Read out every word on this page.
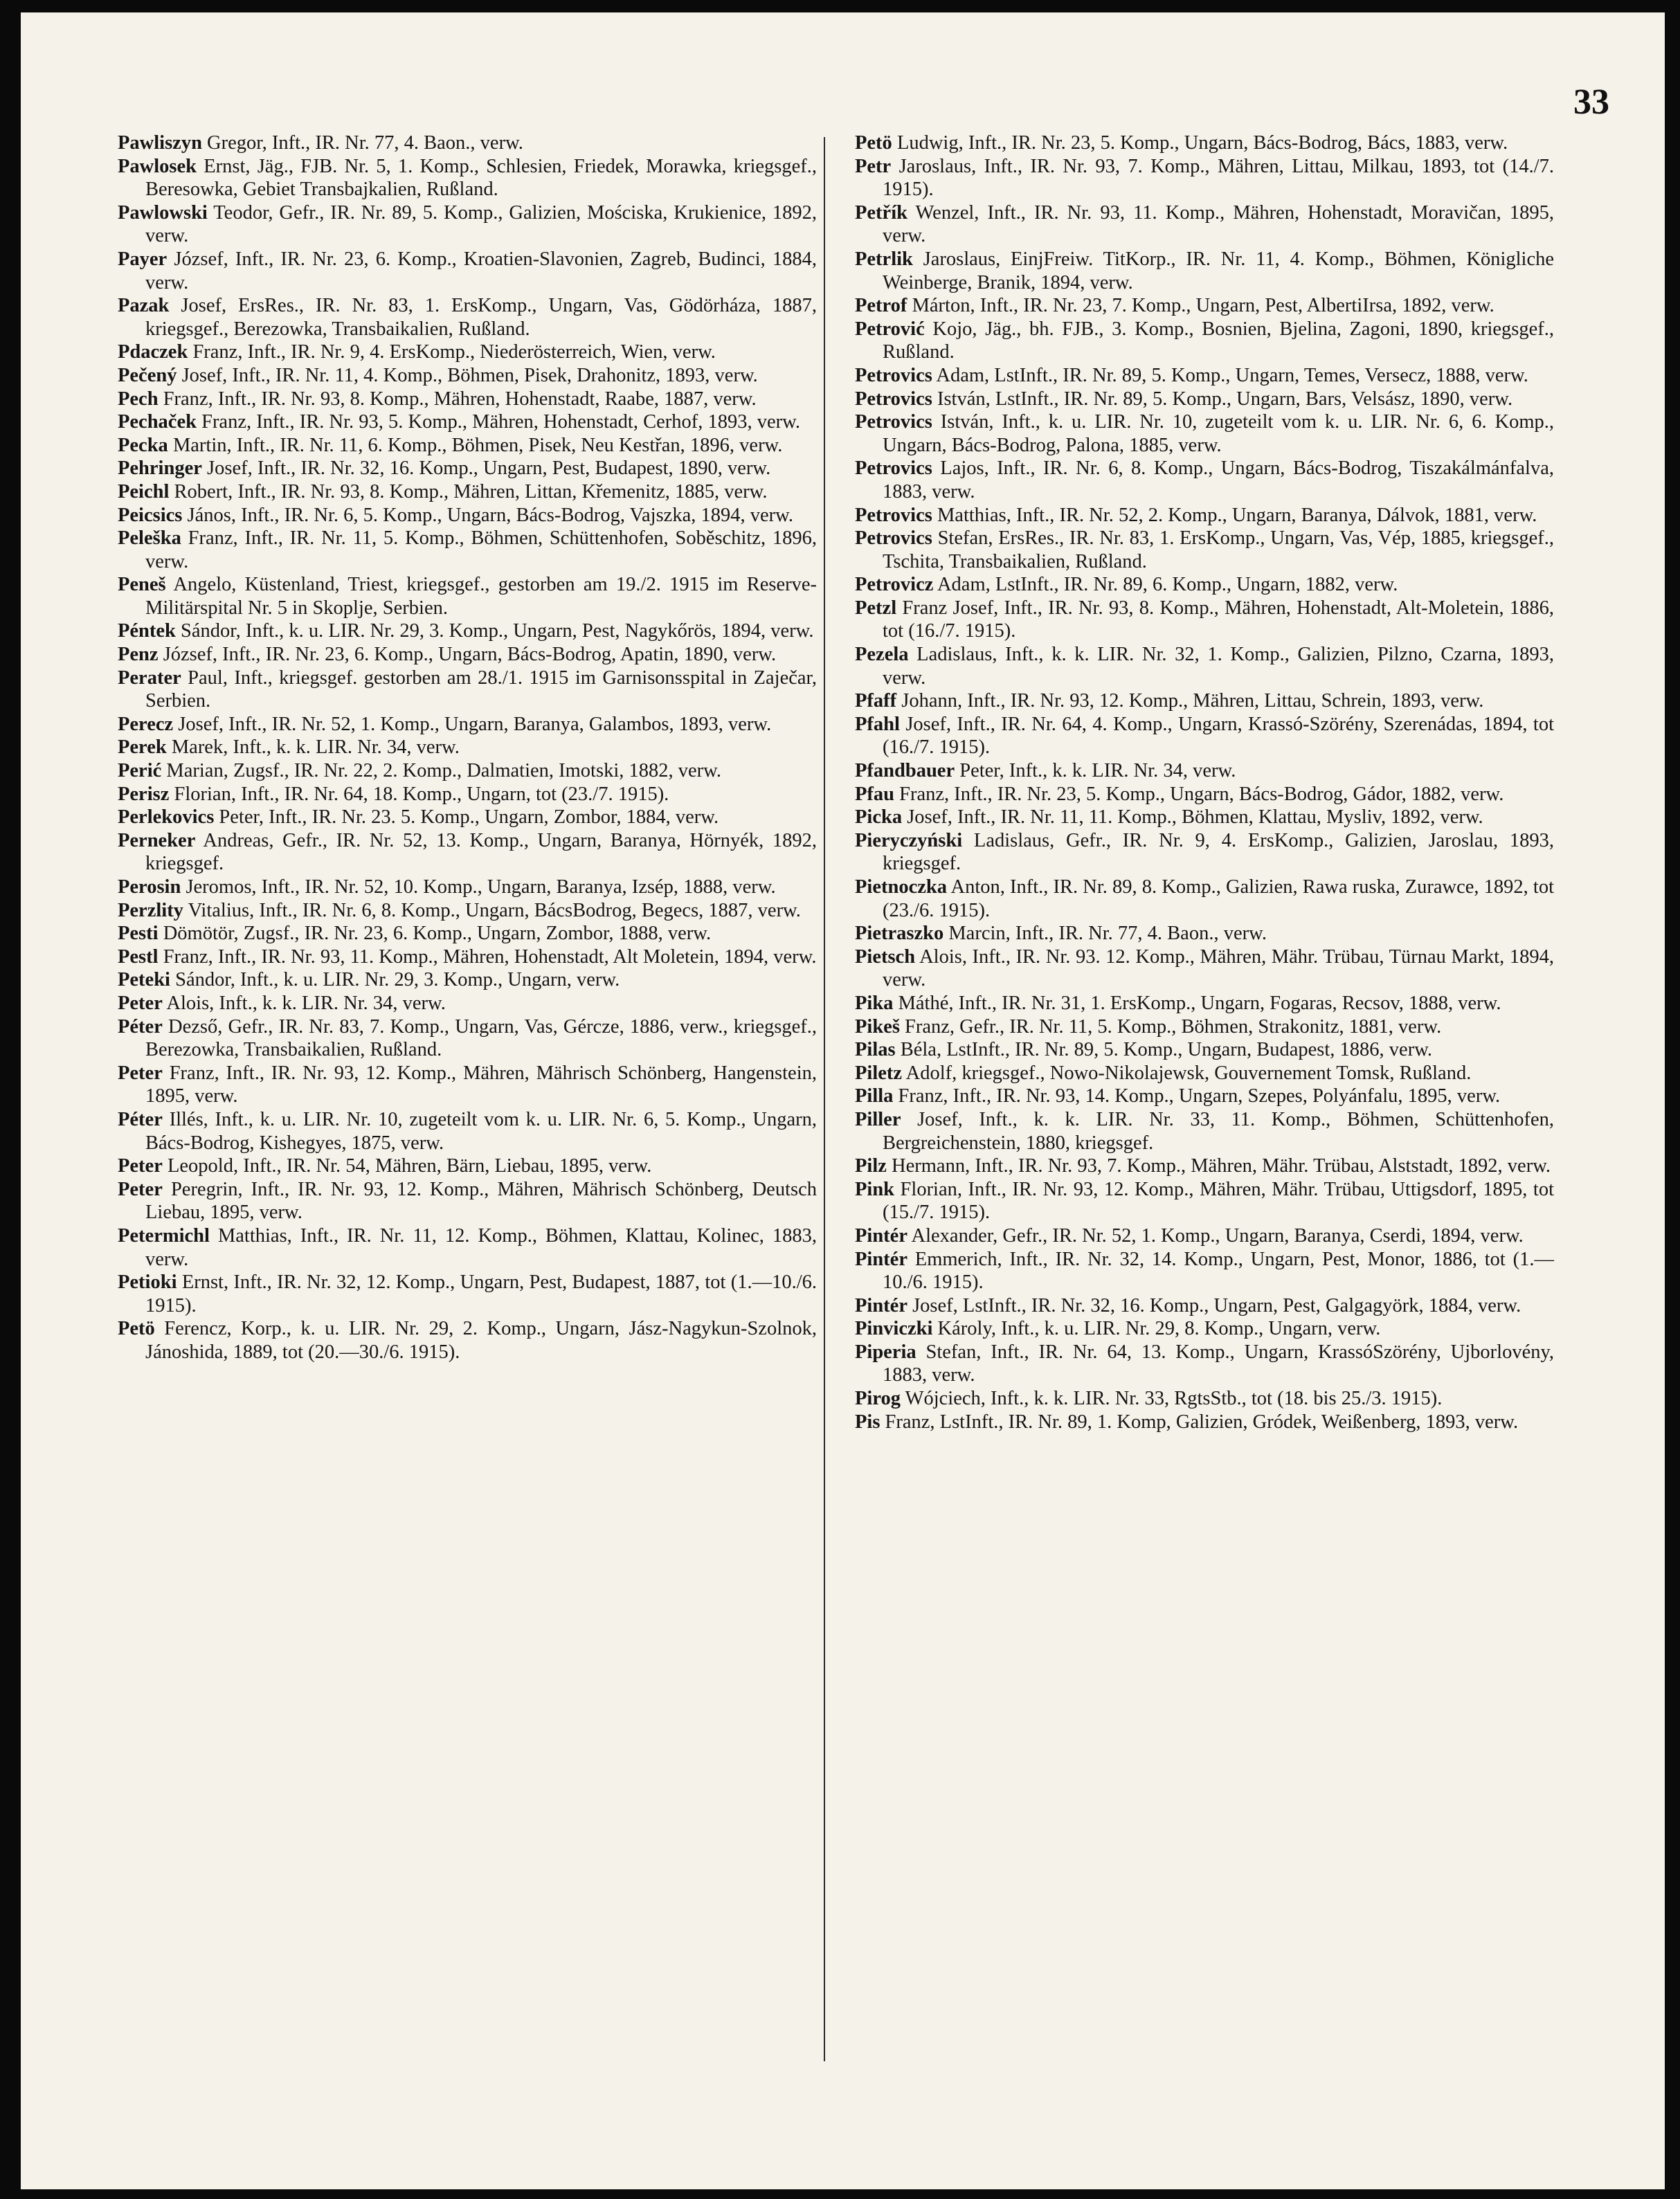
33

Pawliszyn Gregor, Inft., IR. Nr. 77, 4. Baon., verw.

Pawlosek Ernst, Jäg., FJB. Nr. 5, 1. Komp., Schlesien, Friedek, Morawka, kriegsgef., Beresowka, Gebiet Transbajkalien, Rußland.

Pawlowski Teodor, Gefr., IR. Nr. 89, 5. Komp., Galizien, Mościska, Krukienice, 1892, verw.

Payer József, Inft., IR. Nr. 23, 6. Komp., Kroatien-Slavonien, Zagreb, Budinci, 1884, verw.

Pazak Josef, ErsRes., IR. Nr. 83, 1. ErsKomp., Ungarn, Vas, Gödörháza, 1887, kriegsgef., Berezowka, Transbaikalien, Rußland.

Pdaczek Franz, Inft., IR. Nr. 9, 4. ErsKomp., Niederösterreich, Wien, verw.

Pečený Josef, Inft., IR. Nr. 11, 4. Komp., Böhmen, Pisek, Drahonitz, 1893, verw.

Pech Franz, Inft., IR. Nr. 93, 8. Komp., Mähren, Hohenstadt, Raabe, 1887, verw.

Pechaček Franz, Inft., IR. Nr. 93, 5. Komp., Mähren, Hohenstadt, Cerhof, 1893, verw.

Pecka Martin, Inft., IR. Nr. 11, 6. Komp., Böhmen, Pisek, Neu Kestřan, 1896, verw.

Pehringer Josef, Inft., IR. Nr. 32, 16. Komp., Ungarn, Pest, Budapest, 1890, verw.

Peichl Robert, Inft., IR. Nr. 93, 8. Komp., Mähren, Littan, Křemenitz, 1885, verw.

Peicsics János, Inft., IR. Nr. 6, 5. Komp., Ungarn, Bács-Bodrog, Vajszka, 1894, verw.

Peleška Franz, Inft., IR. Nr. 11, 5. Komp., Böhmen, Schüttenhofen, Soběschitz, 1896, verw.

Peneš Angelo, Küstenland, Triest, kriegsgef., gestorben am 19./2. 1915 im Reserve-Militärspital Nr. 5 in Skoplje, Serbien.

Péntek Sándor, Inft., k. u. LIR. Nr. 29, 3. Komp., Ungarn, Pest, Nagykőrös, 1894, verw.

Penz József, Inft., IR. Nr. 23, 6. Komp., Ungarn, Bács-Bodrog, Apatin, 1890, verw.

Perater Paul, Inft., kriegsgef. gestorben am 28./1. 1915 im Garnisonsspital in Zaječar, Serbien.

Perecz Josef, Inft., IR. Nr. 52, 1. Komp., Ungarn, Baranya, Galambos, 1893, verw.

Perek Marek, Inft., k. k. LIR. Nr. 34, verw.

Perić Marian, Zugsf., IR. Nr. 22, 2. Komp., Dalmatien, Imotski, 1882, verw.

Perisz Florian, Inft., IR. Nr. 64, 18. Komp., Ungarn, tot (23./7. 1915).

Perlekovics Peter, Inft., IR. Nr. 23. 5. Komp., Ungarn, Zombor, 1884, verw.

Perneker Andreas, Gefr., IR. Nr. 52, 13. Komp., Ungarn, Baranya, Hörnyék, 1892, kriegsgef.

Perosin Jeromos, Inft., IR. Nr. 52, 10. Komp., Ungarn, Baranya, Izsép, 1888, verw.

Perzlity Vitalius, Inft., IR. Nr. 6, 8. Komp., Ungarn, BácsBodrog, Begecs, 1887, verw.

Pesti Dömötör, Zugsf., IR. Nr. 23, 6. Komp., Ungarn, Zombor, 1888, verw.

Pestl Franz, Inft., IR. Nr. 93, 11. Komp., Mähren, Hohenstadt, Alt Moletein, 1894, verw.

Peteki Sándor, Inft., k. u. LIR. Nr. 29, 3. Komp., Ungarn, verw.

Peter Alois, Inft., k. k. LIR. Nr. 34, verw.

Péter Dezső, Gefr., IR. Nr. 83, 7. Komp., Ungarn, Vas, Gércze, 1886, verw., kriegsgef., Berezowka, Transbaikalien, Rußland.

Peter Franz, Inft., IR. Nr. 93, 12. Komp., Mähren, Mährisch Schönberg, Hangenstein, 1895, verw.

Péter Illés, Inft., k. u. LIR. Nr. 10, zugeteilt vom k. u. LIR. Nr. 6, 5. Komp., Ungarn, Bács-Bodrog, Kishegyes, 1875, verw.

Peter Leopold, Inft., IR. Nr. 54, Mähren, Bärn, Liebau, 1895, verw.

Peter Peregrin, Inft., IR. Nr. 93, 12. Komp., Mähren, Mährisch Schönberg, Deutsch Liebau, 1895, verw.

Petermichl Matthias, Inft., IR. Nr. 11, 12. Komp., Böhmen, Klattau, Kolinec, 1883, verw.

Petioki Ernst, Inft., IR. Nr. 32, 12. Komp., Ungarn, Pest, Budapest, 1887, tot (1.—10./6. 1915).

Petö Ferencz, Korp., k. u. LIR. Nr. 29, 2. Komp., Ungarn, Jász-Nagykun-Szolnok, Jánoshida, 1889, tot (20.—30./6. 1915).

Petö Ludwig, Inft., IR. Nr. 23, 5. Komp., Ungarn, Bács-Bodrog, Bács, 1883, verw.

Petr Jaroslaus, Inft., IR. Nr. 93, 7. Komp., Mähren, Littau, Milkau, 1893, tot (14./7. 1915).

Petřík Wenzel, Inft., IR. Nr. 93, 11. Komp., Mähren, Hohenstadt, Moravičan, 1895, verw.

Petrlik Jaroslaus, EinjFreiw. TitKorp., IR. Nr. 11, 4. Komp., Böhmen, Königliche Weinberge, Branik, 1894, verw.

Petrof Márton, Inft., IR. Nr. 23, 7. Komp., Ungarn, Pest, AlbertiIrsa, 1892, verw.

Petrović Kojo, Jäg., bh. FJB., 3. Komp., Bosnien, Bjelina, Zagoni, 1890, kriegsgef., Rußland.

Petrovics Adam, LstInft., IR. Nr. 89, 5. Komp., Ungarn, Temes, Versecz, 1888, verw.

Petrovics István, LstInft., IR. Nr. 89, 5. Komp., Ungarn, Bars, Velsász, 1890, verw.

Petrovics István, Inft., k. u. LIR. Nr. 10, zugeteilt vom k. u. LIR. Nr. 6, 6. Komp., Ungarn, Bács-Bodrog, Palona, 1885, verw.

Petrovics Lajos, Inft., IR. Nr. 6, 8. Komp., Ungarn, Bács-Bodrog, Tiszakálmánfalva, 1883, verw.

Petrovics Matthias, Inft., IR. Nr. 52, 2. Komp., Ungarn, Baranya, Dálvok, 1881, verw.

Petrovics Stefan, ErsRes., IR. Nr. 83, 1. ErsKomp., Ungarn, Vas, Vép, 1885, kriegsgef., Tschita, Transbaikalien, Rußland.

Petrovicz Adam, LstInft., IR. Nr. 89, 6. Komp., Ungarn, 1882, verw.

Petzl Franz Josef, Inft., IR. Nr. 93, 8. Komp., Mähren, Hohenstadt, Alt-Moletein, 1886, tot (16./7. 1915).

Pezela Ladislaus, Inft., k. k. LIR. Nr. 32, 1. Komp., Galizien, Pilzno, Czarna, 1893, verw.

Pfaff Johann, Inft., IR. Nr. 93, 12. Komp., Mähren, Littau, Schrein, 1893, verw.

Pfahl Josef, Inft., IR. Nr. 64, 4. Komp., Ungarn, Krassó-Szörény, Szerenádas, 1894, tot (16./7. 1915).

Pfandbauer Peter, Inft., k. k. LIR. Nr. 34, verw.

Pfau Franz, Inft., IR. Nr. 23, 5. Komp., Ungarn, Bács-Bodrog, Gádor, 1882, verw.

Picka Josef, Inft., IR. Nr. 11, 11. Komp., Böhmen, Klattau, Mysliv, 1892, verw.

Pieryczyński Ladislaus, Gefr., IR. Nr. 9, 4. ErsKomp., Galizien, Jaroslau, 1893, kriegsgef.

Pietnoczka Anton, Inft., IR. Nr. 89, 8. Komp., Galizien, Rawa ruska, Zurawce, 1892, tot (23./6. 1915).

Pietraszko Marcin, Inft., IR. Nr. 77, 4. Baon., verw.

Pietsch Alois, Inft., IR. Nr. 93. 12. Komp., Mähren, Mähr. Trübau, Türnau Markt, 1894, verw.

Pika Máthé, Inft., IR. Nr. 31, 1. ErsKomp., Ungarn, Fogaras, Recsov, 1888, verw.

Pikeš Franz, Gefr., IR. Nr. 11, 5. Komp., Böhmen, Strakonitz, 1881, verw.

Pilas Béla, LstInft., IR. Nr. 89, 5. Komp., Ungarn, Budapest, 1886, verw.

Piletz Adolf, kriegsgef., Nowo-Nikolajewsk, Gouvernement Tomsk, Rußland.

Pilla Franz, Inft., IR. Nr. 93, 14. Komp., Ungarn, Szepes, Polyánfalu, 1895, verw.

Piller Josef, Inft., k. k. LIR. Nr. 33, 11. Komp., Böhmen, Schüttenhofen, Bergreichenstein, 1880, kriegsgef.

Pilz Hermann, Inft., IR. Nr. 93, 7. Komp., Mähren, Mähr. Trübau, Alststadt, 1892, verw.

Pink Florian, Inft., IR. Nr. 93, 12. Komp., Mähren, Mähr. Trübau, Uttigsdorf, 1895, tot (15./7. 1915).

Pintér Alexander, Gefr., IR. Nr. 52, 1. Komp., Ungarn, Baranya, Cserdi, 1894, verw.

Pintér Emmerich, Inft., IR. Nr. 32, 14. Komp., Ungarn, Pest, Monor, 1886, tot (1.—10./6. 1915).

Pintér Josef, LstInft., IR. Nr. 32, 16. Komp., Ungarn, Pest, Galgagyörk, 1884, verw.

Pinviczki Károly, Inft., k. u. LIR. Nr. 29, 8. Komp., Ungarn, verw.

Piperia Stefan, Inft., IR. Nr. 64, 13. Komp., Ungarn, KrassóSzörény, Ujborlovény, 1883, verw.

Pirog Wójciech, Inft., k. k. LIR. Nr. 33, RgtsStb., tot (18. bis 25./3. 1915).

Pis Franz, LstInft., IR. Nr. 89, 1. Komp, Galizien, Gródek, Weißenberg, 1893, verw.
